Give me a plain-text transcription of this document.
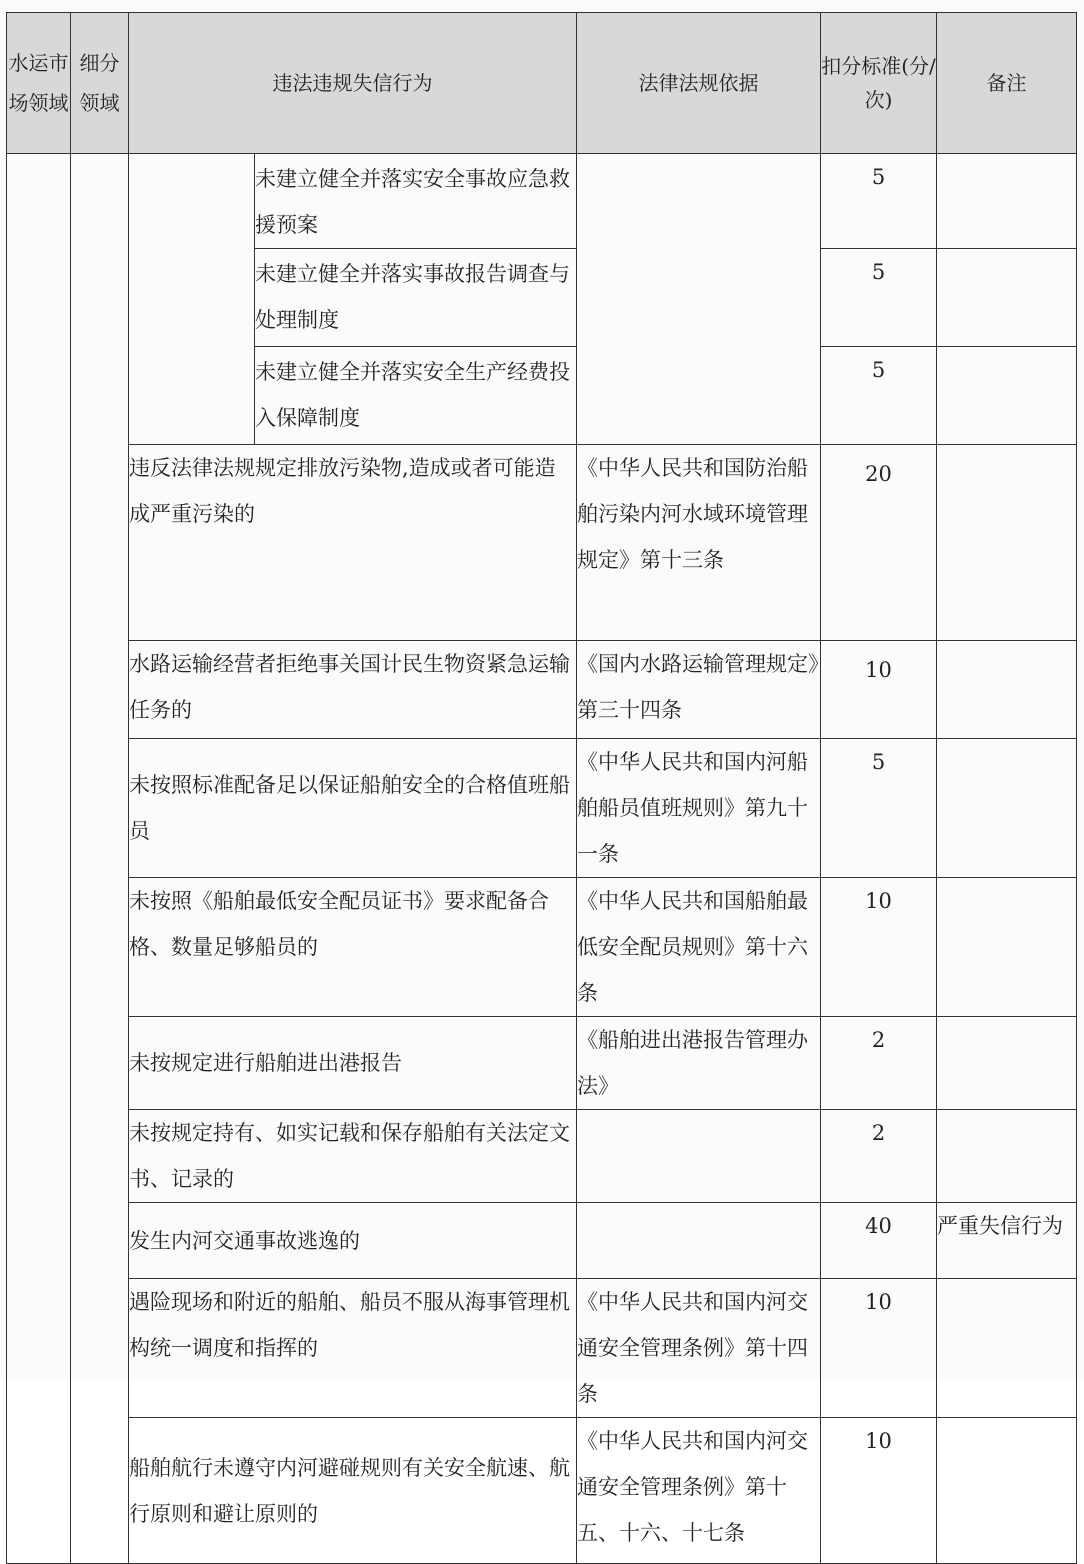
水运市场领域	细分领域	违法违规失信行为		法律法规依据	扣分标准(分/次)	备注
			未建立健全并落实安全事故应急救援预案		5	
			未建立健全并落实事故报告调查与处理制度		5	
			未建立健全并落实安全生产经费投入保障制度		5	
		违反法律法规规定排放污染物,造成或者可能造成严重污染的		《中华人民共和国防治船舶污染内河水域环境管理规定》第十三条	20	
		水路运输经营者拒绝事关国计民生物资紧急运输任务的		《国内水路运输管理规定》第三十四条	10	
		未按照标准配备足以保证船舶安全的合格值班船员		《中华人民共和国内河船舶船员值班规则》第九十一条	5	
		未按照《船舶最低安全配员证书》要求配备合格、数量足够船员的		《中华人民共和国船舶最低安全配员规则》第十六条	10	
		未按规定进行船舶进出港报告		《船舶进出港报告管理办法》	2	
		未按规定持有、如实记载和保存船舶有关法定文书、记录的			2	
		发生内河交通事故逃逸的			40	严重失信行为
		遇险现场和附近的船舶、船员不服从海事管理机构统一调度和指挥的		《中华人民共和国内河交通安全管理条例》第十四条	10	
		船舶航行未遵守内河避碰规则有关安全航速、航行原则和避让原则的		《中华人民共和国内河交通安全管理条例》第十五、十六、十七条	10	
